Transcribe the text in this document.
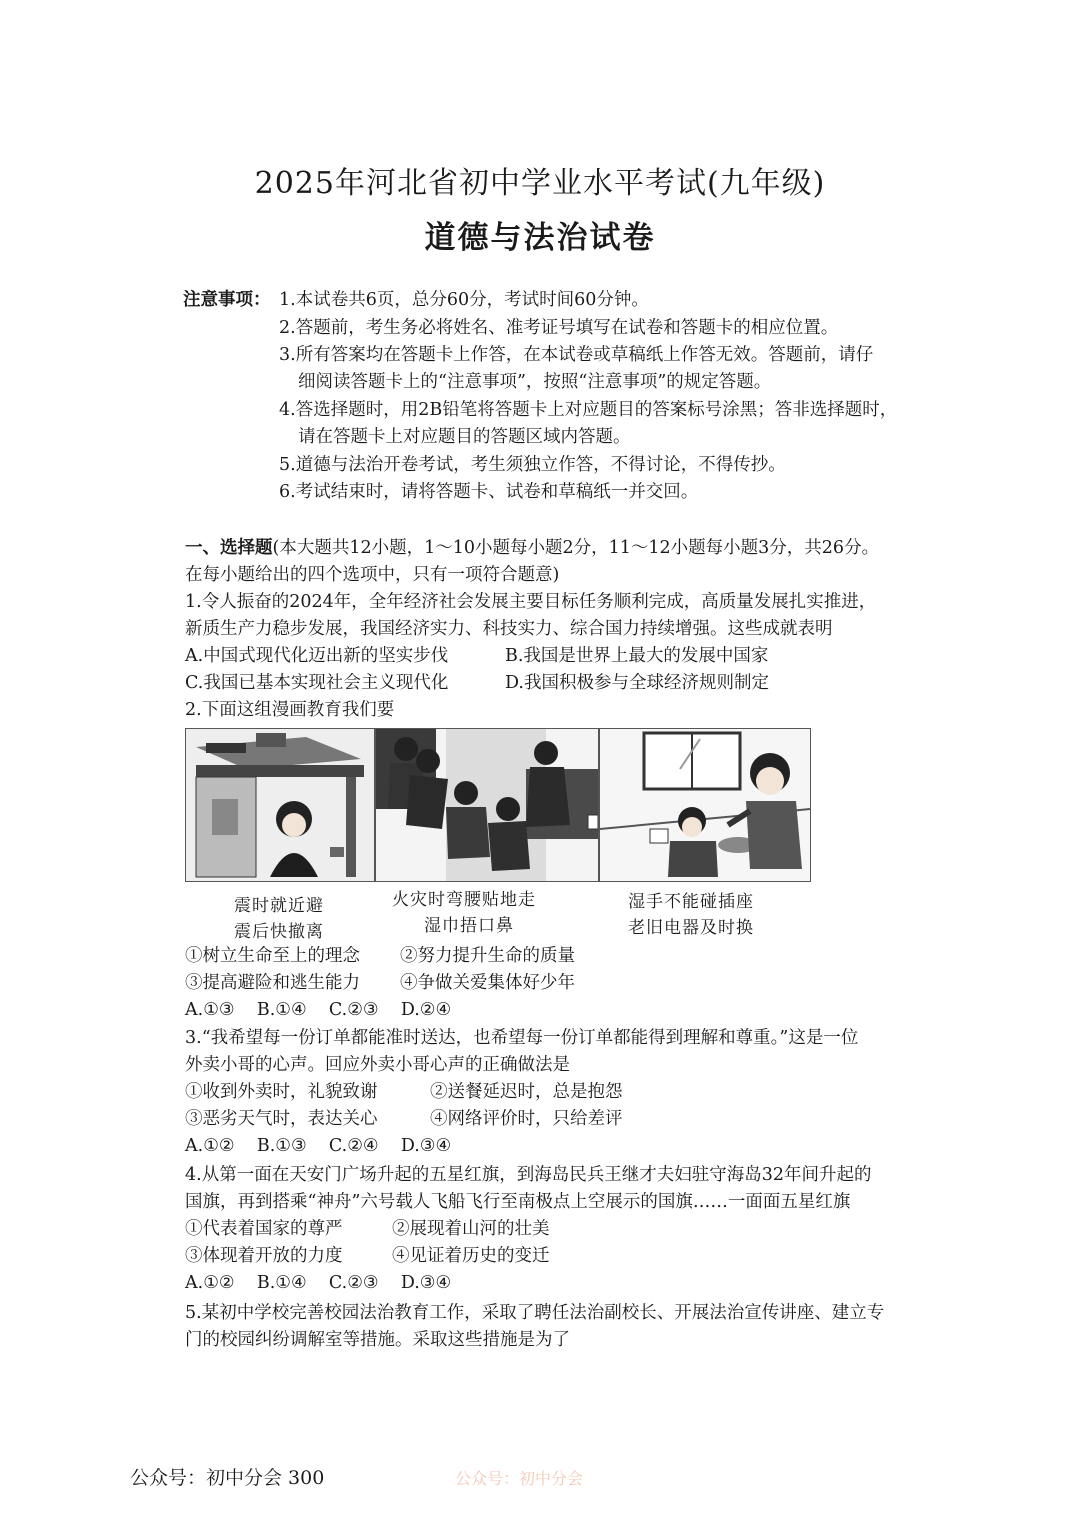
2025年河北省初中学业水平考试(九年级)
道德与法治试卷
注意事项： 1.本试卷共6页，总分60分，考试时间60分钟。
2.答题前，考生务必将姓名、准考证号填写在试卷和答题卡的相应位置。
3.所有答案均在答题卡上作答，在本试卷或草稿纸上作答无效。答题前，请仔
细阅读答题卡上的“注意事项”，按照“注意事项”的规定答题。
4.答选择题时，用2B铅笔将答题卡上对应题目的答案标号涂黑；答非选择题时，
请在答题卡上对应题目的答题区域内答题。
5.道德与法治开卷考试，考生须独立作答，不得讨论，不得传抄。
6.考试结束时，请将答题卡、试卷和草稿纸一并交回。
一、选择题(本大题共12小题，1～10小题每小题2分，11～12小题每小题3分，共26分。
在每小题给出的四个选项中，只有一项符合题意)
1.令人振奋的2024年，全年经济社会发展主要目标任务顺利完成，高质量发展扎实推进，
新质生产力稳步发展，我国经济实力、科技实力、综合国力持续增强。这些成就表明
A.中国式现代化迈出新的坚实步伐	B.我国是世界上最大的发展中国家
C.我国已基本实现社会主义现代化	D.我国积极参与全球经济规则制定
2.下面这组漫画教育我们要
震时就近避
震后快撤离
火灾时弯腰贴地走
湿巾捂口鼻
湿手不能碰插座
老旧电器及时换
①树立生命至上的理念 ②努力提升生命的质量
③提高避险和逃生能力 ④争做关爱集体好少年
A.①③    B.①④    C.②③    D.②④
3.“我希望每一份订单都能准时送达，也希望每一份订单都能得到理解和尊重。”这是一位
外卖小哥的心声。回应外卖小哥心声的正确做法是
①收到外卖时，礼貌致谢	②送餐延迟时，总是抱怨
③恶劣天气时，表达关心	④网络评价时，只给差评
A.①②    B.①③    C.②④    D.③④
4.从第一面在天安门广场升起的五星红旗，到海岛民兵王继才夫妇驻守海岛32年间升起的
国旗，再到搭乘“神舟”六号载人飞船飞行至南极点上空展示的国旗……一面面五星红旗
①代表着国家的尊严	②展现着山河的壮美
③体现着开放的力度	④见证着历史的变迁
A.①②    B.①④    C.②③    D.③④
5.某初中学校完善校园法治教育工作，采取了聘任法治副校长、开展法治宣传讲座、建立专
门的校园纠纷调解室等措施。采取这些措施是为了
公众号：初中分会 300	公众号：初中分会
